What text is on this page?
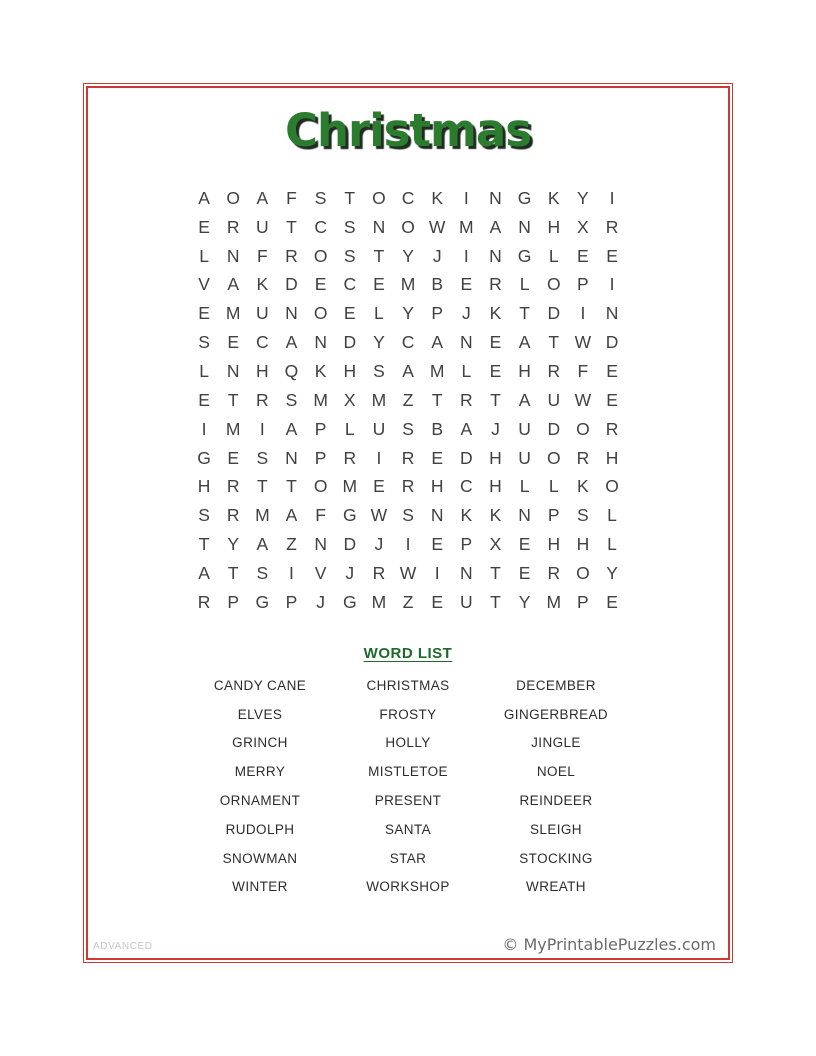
Christmas
A O A	F	S	T O C K	I	N G K Y	I
E R U T C S N O W M A N H X R
L	N F R O S	T	Y	J	I	N G L	E E
V A K D E C E M B E R	L O P	I
E M U N O E	L	Y P	J	K	T D	I	N
S E C A N D Y C A N E A	T W D
L	N H Q K H S A M L	E H R F	E
E	T R S M X M Z	T R T	A U W E
I	M	I	A P	L	U S B A	J	U D O R
G E S N P R	I	R E D H U O R H
H R T	T O M E R H C H	L	L	K O
S R M A	F G W S N K K N P S	L
T	Y A	Z N D	J	I	E P X E H H	L
A	T	S	I	V	J	R W	I	N T	E R O Y
R P G P	J	G M Z	E U T	Y M P E
WORD LIST
CANDY CANE	CHRISTMAS	DECEMBER
ELVES	FROSTY	GINGERBREAD
GRINCH	HOLLY	JINGLE
MERRY	MISTLETOE	NOEL
ORNAMENT	PRESENT	REINDEER
RUDOLPH	SANTA	SLEIGH
SNOWMAN	STAR	STOCKING
WINTER	WORKSHOP	WREATH
ADVANCED	© MyPrintablePuzzles.com
